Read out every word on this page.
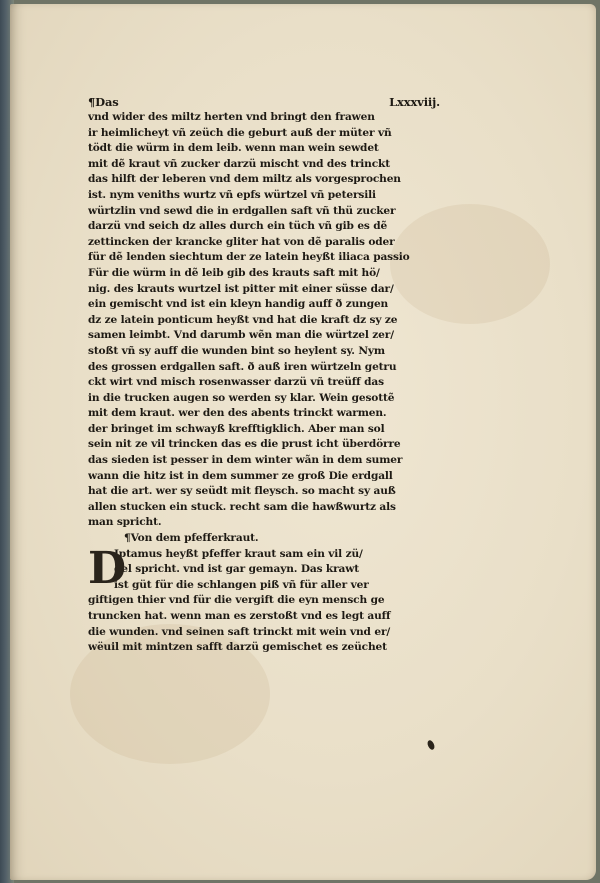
¶Das	Lxxxviij.
vnd wider des miltz herten vnd bringt den frawen
ir heimlicheyt vñ zeüch die geburt auß der müter vñ
tödt die würm in dem leib. wenn man wein sewdet
mit dẽ kraut vñ zucker darzü mischt vnd des trinckt
das hilft der leberen vnd dem miltz als vorgesprochen
ist. nym veniths wurtz vñ epfs würtzel vñ petersili
würtzlin vnd sewd die in erdgallen saft vñ thü zucker
darzü vnd seich dz alles durch ein tüch vñ gib es dẽ
zettincken der krancke gliter hat von dẽ paralis oder
für dẽ lenden siechtum der ze latein heyßt iliaca passio
Für die würm in dẽ leib gib des krauts saft mit hö/
nig. des krauts wurtzel ist pitter mit einer süsse dar/
ein gemischt vnd ist ein kleyn handig auff ð zungen
dz ze latein ponticum heyßt vnd hat die kraft dz sy ze
samen leimbt. Vnd darumb wẽn man die würtzel zer/
stoßt vñ sy auff die wunden bint so heylent sy. Nym
des grossen erdgallen saft. ð auß iren würtzeln getru
ckt wirt vnd misch rosenwasser darzü vñ treüff das
in die trucken augen so werden sy klar. Wein gesottẽ
mit dem kraut. wer den des abents trinckt warmen.
der bringet im schwayß krefftigklich. Aber man sol
sein nit ze vil trincken das es die prust icht überdörre
das sieden ist pesser in dem winter wãn in dem sumer
wann die hitz ist in dem summer ze groß Die erdgall
hat die art. wer sy seüdt mit fleysch. so macht sy auß
allen stucken ein stuck. recht sam die hawßwurtz als
man spricht.
¶Von dem pfefferkraut.
D
Iptamus heyßt pfeffer kraut sam ein vil zü/
gel spricht. vnd ist gar gemayn. Das krawt
ist güt für die schlangen piß vñ für aller ver
giftigen thier vnd für die vergift die eyn mensch ge
truncken hat. wenn man es zerstoßt vnd es legt auff
die wunden. vnd seinen saft trinckt mit wein vnd er/
wëuil mit mintzen safft darzü gemischet es zeüchet
